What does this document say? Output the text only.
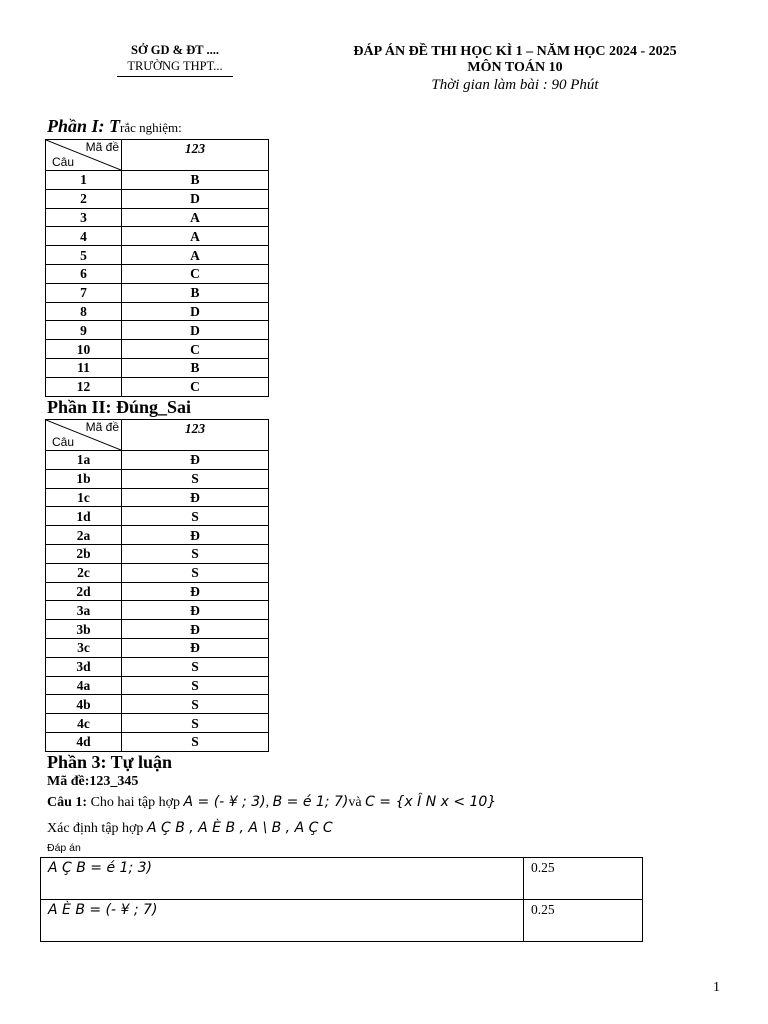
SỞ GD & ĐT ....
TRƯỜNG THPT...
ĐÁP ÁN ĐỀ THI HỌC KÌ 1 – NĂM HỌC 2024 - 2025
MÔN TOÁN 10
Thời gian làm bài : 90 Phút
Phần I: Trắc nghiệm:
Mã đề
Câu	123
1	B
2	D
3	A
4	A
5	A
6	C
7	B
8	D
9	D
10	C
11	B
12	C
Phần II: Đúng_Sai
Mã đề
Câu	123
1a	Đ
1b	S
1c	Đ
1d	S
2a	Đ
2b	S
2c	S
2d	Đ
3a	Đ
3b	Đ
3c	Đ
3d	S
4a	S
4b	S
4c	S
4d	S
Phần 3: Tự luận
Mã đề:123_345
Câu 1: Cho hai tập hợp A = (- ¥ ; 3), B = é 1; 7)và C = {x Î N x < 10}
Xác định tập hợp A Ç B , A È B , A \ B , A Ç C
Đáp án
A Ç B = é 1; 3)	0.25
A È B = (- ¥ ; 7)	0.25
1
